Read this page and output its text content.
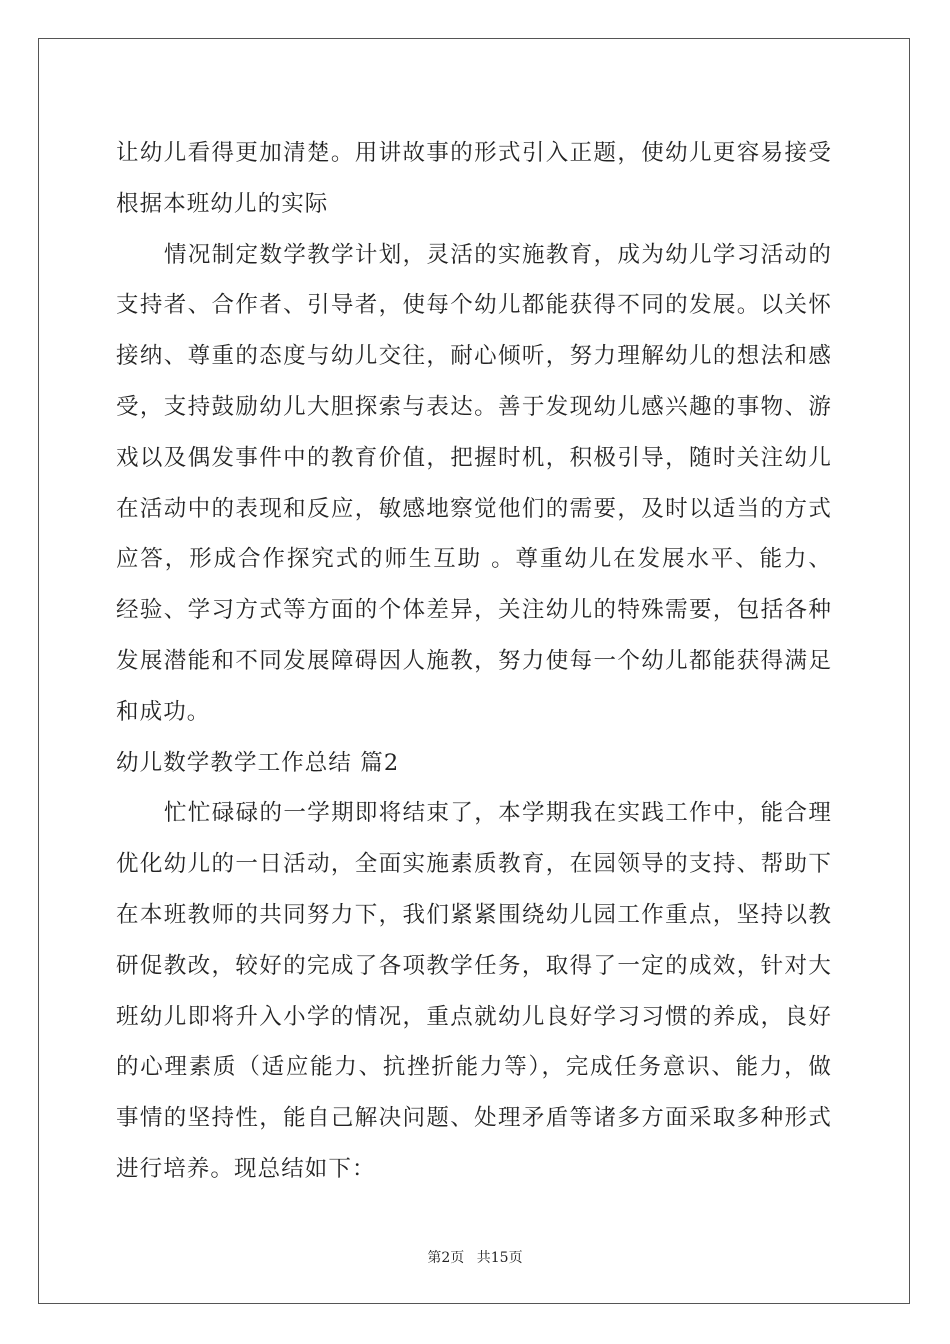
让幼儿看得更加清楚。用讲故事的形式引入正题，使幼儿更容易接受
根据本班幼儿的实际
情况制定数学教学计划，灵活的实施教育，成为幼儿学习活动的
支持者、合作者、引导者，使每个幼儿都能获得不同的发展。以关怀
接纳、尊重的态度与幼儿交往，耐心倾听，努力理解幼儿的想法和感
受，支持鼓励幼儿大胆探索与表达。善于发现幼儿感兴趣的事物、游
戏以及偶发事件中的教育价值，把握时机，积极引导，随时关注幼儿
在活动中的表现和反应，敏感地察觉他们的需要，及时以适当的方式
应答，形成合作探究式的师生互助 。尊重幼儿在发展水平、能力、
经验、学习方式等方面的个体差异，关注幼儿的特殊需要，包括各种
发展潜能和不同发展障碍因人施教，努力使每一个幼儿都能获得满足
和成功。
幼儿数学教学工作总结 篇2
忙忙碌碌的一学期即将结束了，本学期我在实践工作中，能合理
优化幼儿的一日活动，全面实施素质教育，在园领导的支持、帮助下
在本班教师的共同努力下，我们紧紧围绕幼儿园工作重点，坚持以教
研促教改，较好的完成了各项教学任务，取得了一定的成效，针对大
班幼儿即将升入小学的情况，重点就幼儿良好学习习惯的养成，良好
的心理素质（适应能力、抗挫折能力等），完成任务意识、能力，做
事情的坚持性，能自己解决问题、处理矛盾等诸多方面采取多种形式
进行培养。现总结如下：
第2页 共15页
